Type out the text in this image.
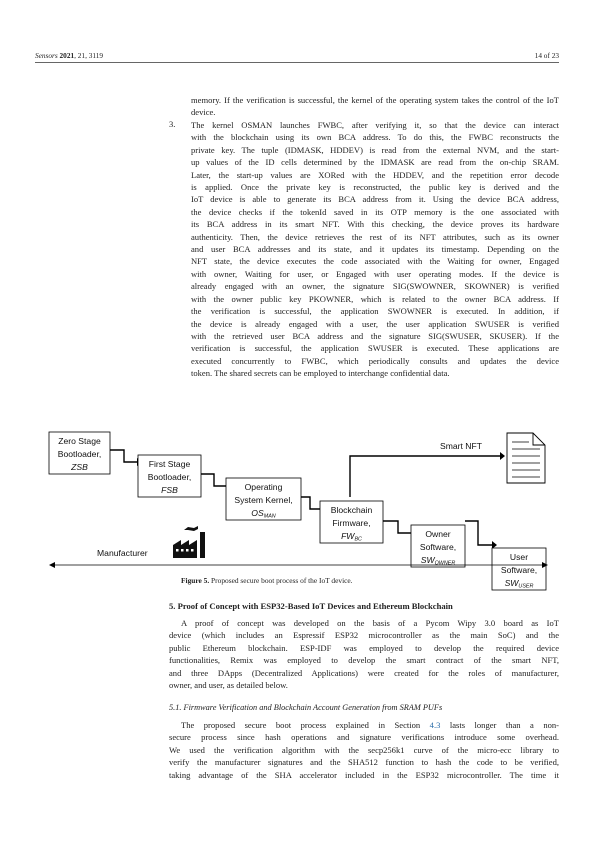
Sensors 2021, 21, 3119	14 of 23
memory. If the verification is successful, the kernel of the operating system takes the control of the IoT device.
3. The kernel OSMAN launches FWBC, after verifying it, so that the device can interact
with the blockchain using its own BCA address. To do this, the FWBC reconstructs the
private key. The tuple (IDMASK, HDDEV) is read from the external NVM, and the start-
up values of the ID cells determined by the IDMASK are read from the on-chip SRAM.
Later, the start-up values are XORed with the HDDEV, and the repetition error decode
is applied. Once the private key is reconstructed, the public key is derived and the
IoT device is able to generate its BCA address from it. Using the device BCA address,
the device checks if the tokenId saved in its OTP memory is the one associated with
its BCA address in its smart NFT. With this checking, the device proves its hardware
authenticity. Then, the device retrieves the rest of its NFT attributes, such as its owner
and user BCA addresses and its state, and it updates its timestamp. Depending on the
NFT state, the device executes the code associated with the Waiting for owner, Engaged
with owner, Waiting for user, or Engaged with user operating modes. If the device is
already engaged with an owner, the signature SIG(SWOWNER, SKOWNER) is verified
with the owner public key PKOWNER, which is related to the owner BCA address. If
the verification is successful, the application SWOWNER is executed. In addition, if
the device is already engaged with a user, the user application SWUSER is verified
with the retrieved user BCA address and the signature SIG(SWUSER, SKUSER). If the
verification is successful, the application SWUSER is executed. These applications are
executed concurrently to FWBC, which periodically consults and updates the device
token. The shared secrets can be employed to interchange confidential data.
Zero Stage
Bootloader,
ZSB	First Stage
Bootloader,
FSB	Operating
System Kernel,
OSMAN
Blockchain
Firmware,
FWBC
Owner
Software,
SWOWNER
User
Software,
SWUSER
Smart NFT
Manufacturer
Figure 5. Proposed secure boot process of the IoT device.
5. Proof of Concept with ESP32-Based IoT Devices and Ethereum Blockchain
A proof of concept was developed on the basis of a Pycom Wipy 3.0 board as IoT
device (which includes an Espressif ESP32 microcontroller as the main SoC) and the
public Ethereum blockchain. ESP-IDF was employed to develop the required device
functionalities, Remix was employed to develop the smart contract of the smart NFT,
and three DApps (Decentralized Applications) were created for the roles of manufacturer,
owner, and user, as detailed below.
5.1. Firmware Verification and Blockchain Account Generation from SRAM PUFs
The proposed secure boot process explained in Section 4.3 lasts longer than a non-
secure process since hash operations and signature verifications introduce some overhead.
We used the verification algorithm with the secp256k1 curve of the micro-ecc library to
verify the manufacturer signatures and the SHA512 function to hash the code to be verified,
taking advantage of the SHA accelerator included in the ESP32 microcontroller. The time it
